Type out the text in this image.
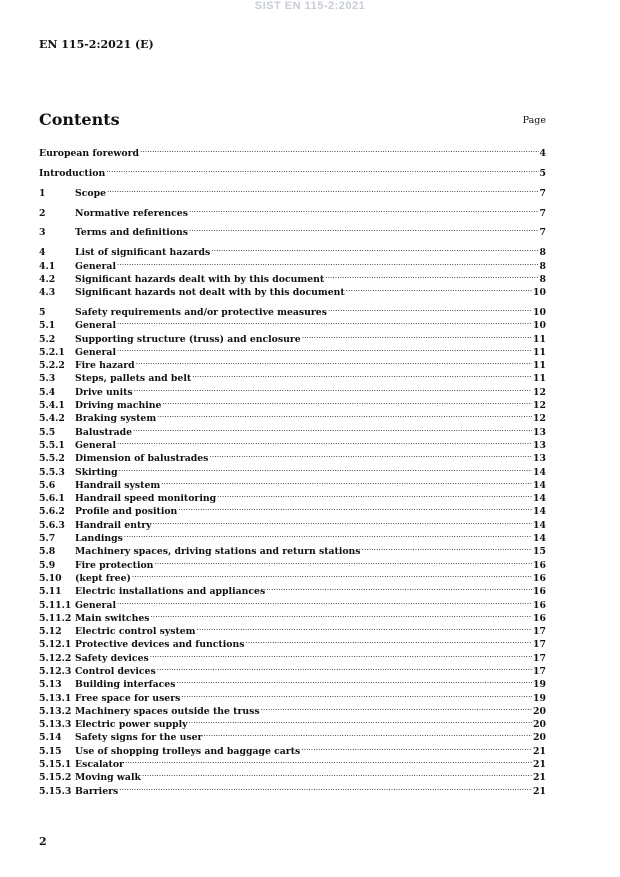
SIST EN 115-2:2021
EN 115-2:2021 (E)
Contents	Page
European foreword .....	4
Introduction .....	5
1	Scope .....	7
2	Normative references .....	7
3	Terms and definitions .....	7
4	List of significant hazards .....	8
4.1	General .....	8
4.2	Significant hazards dealt with by this document .....	8
4.3	Significant hazards not dealt with by this document .....	10
5	Safety requirements and/or protective measures .....	10
5.1	General .....	10
5.2	Supporting structure (truss) and enclosure .....	11
5.2.1	General .....	11
5.2.2	Fire hazard .....	11
5.3	Steps, pallets and belt .....	11
5.4	Drive units .....	12
5.4.1	Driving machine .....	12
5.4.2	Braking system .....	12
5.5	Balustrade .....	13
5.5.1	General .....	13
5.5.2	Dimension of balustrades .....	13
5.5.3	Skirting .....	14
5.6	Handrail system .....	14
5.6.1	Handrail speed monitoring .....	14
5.6.2	Profile and position .....	14
5.6.3	Handrail entry .....	14
5.7	Landings .....	14
5.8	Machinery spaces, driving stations and return stations .....	15
5.9	Fire protection .....	16
5.10	(kept free) .....	16
5.11	Electric installations and appliances .....	16
5.11.1 General .....	16
5.11.2 Main switches .....	16
5.12	Electric control system .....	17
5.12.1 Protective devices and functions .....	17
5.12.2 Safety devices .....	17
5.12.3 Control devices .....	17
5.13	Building interfaces .....	19
5.13.1 Free space for users .....	19
5.13.2 Machinery spaces outside the truss .....	20
5.13.3 Electric power supply .....	20
5.14	Safety signs for the user .....	20
5.15	Use of shopping trolleys and baggage carts .....	21
5.15.1 Escalator .....	21
5.15.2 Moving walk .....	21
5.15.3 Barriers .....	21
2
